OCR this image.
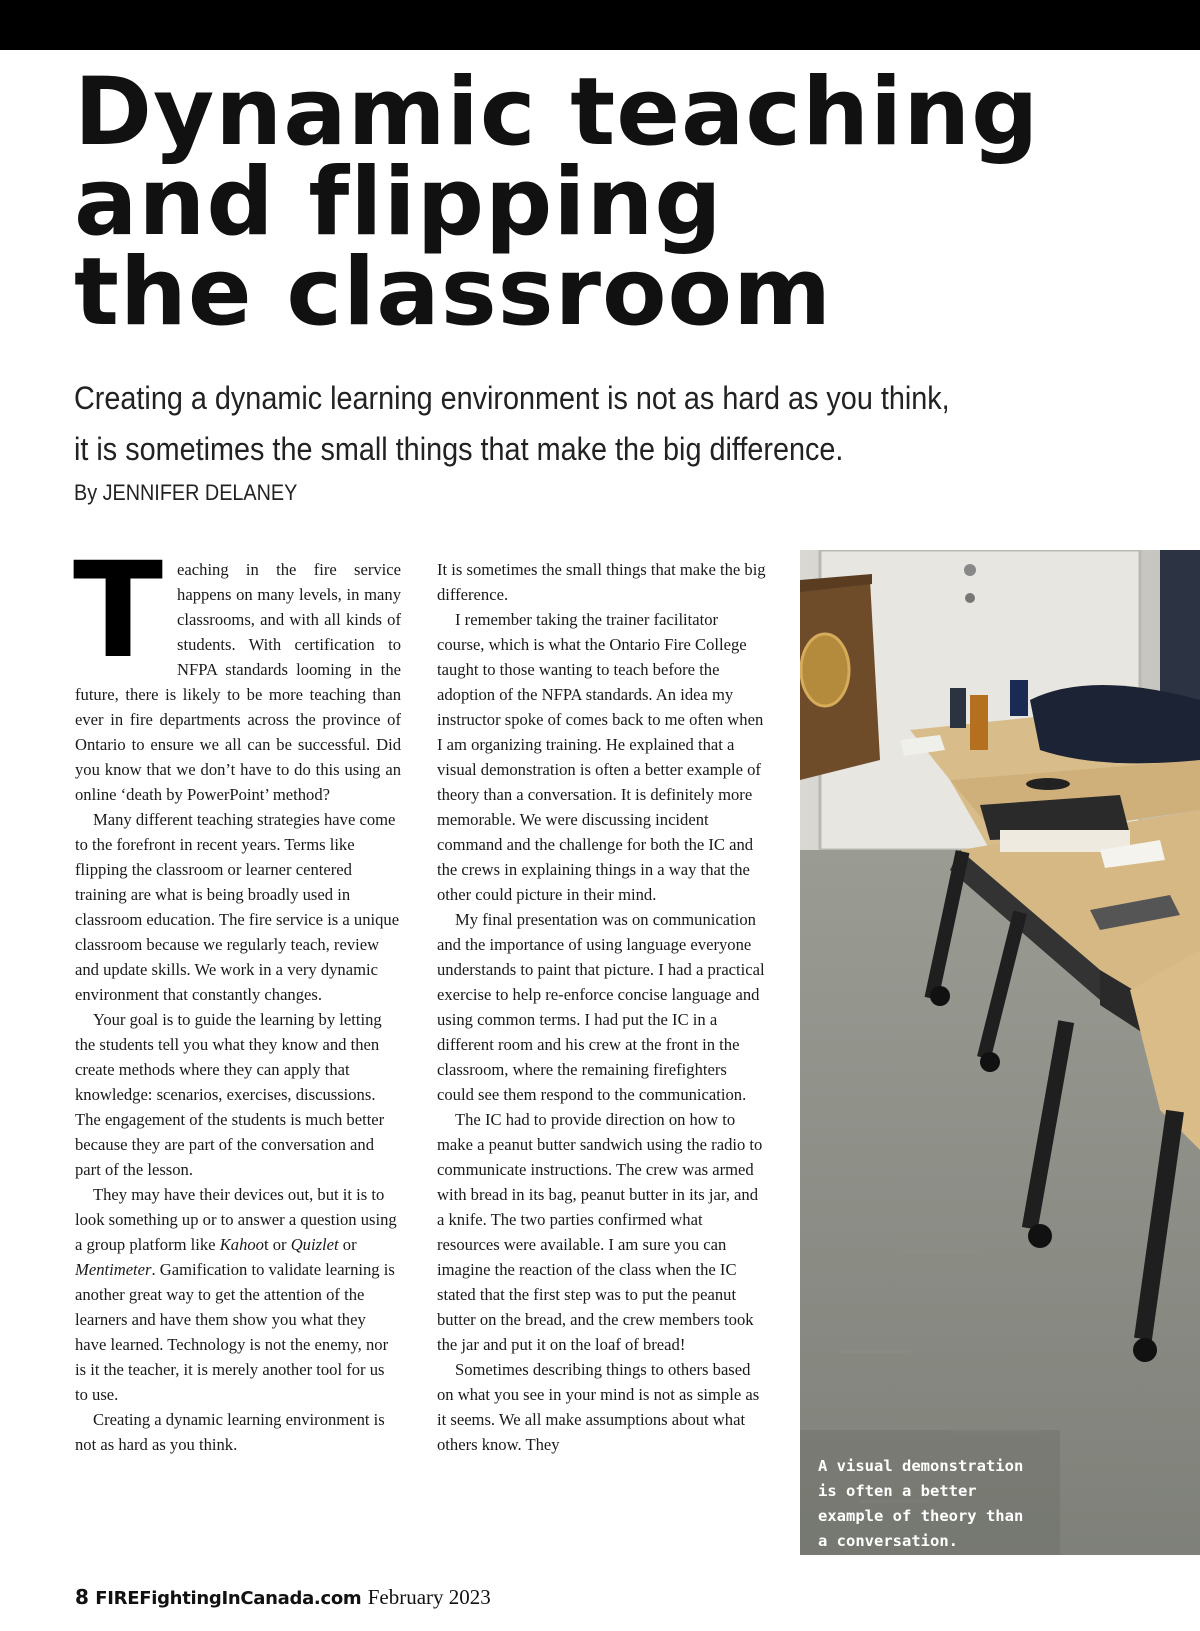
Dynamic teaching
and flipping
the classroom
Creating a dynamic learning environment is not as hard as you think,
it is sometimes the small things that make the big difference.
By JENNIFER DELANEY

Teaching in the fire service happens on many levels, in many classrooms, and with all kinds of students. With certification to NFPA standards looming in the future, there is likely to be more teaching than ever in fire departments across the province of Ontario to ensure we all can be successful. Did you know that we don’t have to do this using an online ‘death by PowerPoint’ method?

Many different teaching strategies have come to the forefront in recent years. Terms like flipping the classroom or learner centered training are what is being broadly used in classroom education. The fire service is a unique classroom because we regularly teach, review and update skills. We work in a very dynamic environment that constantly changes.

Your goal is to guide the learning by letting the students tell you what they know and then create methods where they can apply that knowledge: scenarios, exercises, discussions. The engagement of the students is much better because they are part of the conversation and part of the lesson.

They may have their devices out, but it is to look something up or to answer a question using a group platform like Kahoot or Quizlet or Mentimeter. Gamification to validate learning is another great way to get the attention of the learners and have them show you what they have learned. Technology is not the enemy, nor is it the teacher, it is merely another tool for us to use.

Creating a dynamic learning environment is not as hard as you think.

It is sometimes the small things that make the big difference.

I remember taking the trainer facilitator course, which is what the Ontario Fire College taught to those wanting to teach before the adoption of the NFPA standards. An idea my instructor spoke of comes back to me often when I am organizing training. He explained that a visual demonstration is often a better example of theory than a conversation. It is definitely more memorable. We were discussing incident command and the challenge for both the IC and the crews in explaining things in a way that the other could picture in their mind.

My final presentation was on communication and the importance of using language everyone understands to paint that picture. I had a practical exercise to help re-enforce concise language and using common terms. I had put the IC in a different room and his crew at the front in the classroom, where the remaining firefighters could see them respond to the communication.

The IC had to provide direction on how to make a peanut butter sandwich using the radio to communicate instructions. The crew was armed with bread in its bag, peanut butter in its jar, and a knife. The two parties confirmed what resources were available. I am sure you can imagine the reaction of the class when the IC stated that the first step was to put the peanut butter on the bread, and the crew members took the jar and put it on the loaf of bread!

Sometimes describing things to others based on what you see in your mind is not as simple as it seems. We all make assumptions about what others know. They

A visual demonstration is often a better example of theory than a conversation.
8 FIREFightingInCanada.com February 2023
